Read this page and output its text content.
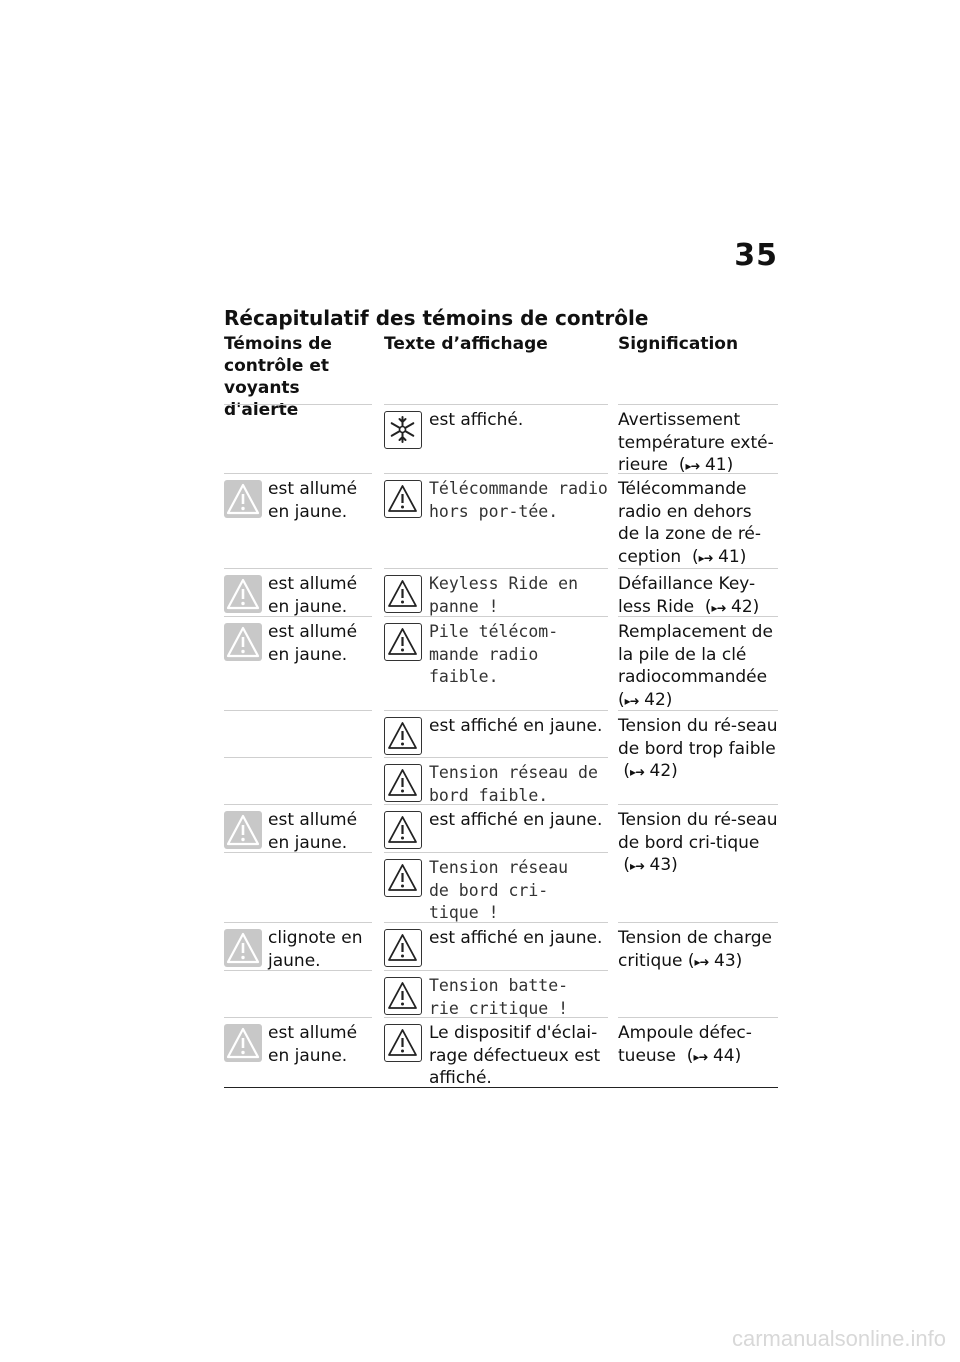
35
Récapitulatif des témoins de contrôle
Témoins de
contrôle et
voyants d'alerte
Texte d’affichage	Signification
est affiché.
est allumé en jaune.
Télécommande radio hors por-tée.
est allumé en jaune.
Keyless Ride en panne !
est allumé en jaune.
Pile télécom-mande radio faible.
est affiché en jaune.
Tension réseau de bord faible.
est allumé en jaune.
est affiché en jaune.
Tension réseau de bord cri-tique !
clignote en jaune.
est affiché en jaune.
Tension batte-rie critique !
est allumé en jaune.
Le dispositif d'éclai-rage défectueux est affiché.
Avertissement température exté-rieure  (▸➜ 41)
Télécommande radio en dehors de la zone de ré-ception  (▸➜ 41)
Défaillance Key-less Ride  (▸➜ 42)
Remplacement de la pile de la clé radiocommandée (▸➜ 42)
Tension du ré-seau de bord trop faible  (▸➜ 42)
Tension du ré-seau de bord cri-tique  (▸➜ 43)
Tension de charge critique (▸➜ 43)
Ampoule défec-tueuse  (▸➜ 44)
carmanualsonline.info
